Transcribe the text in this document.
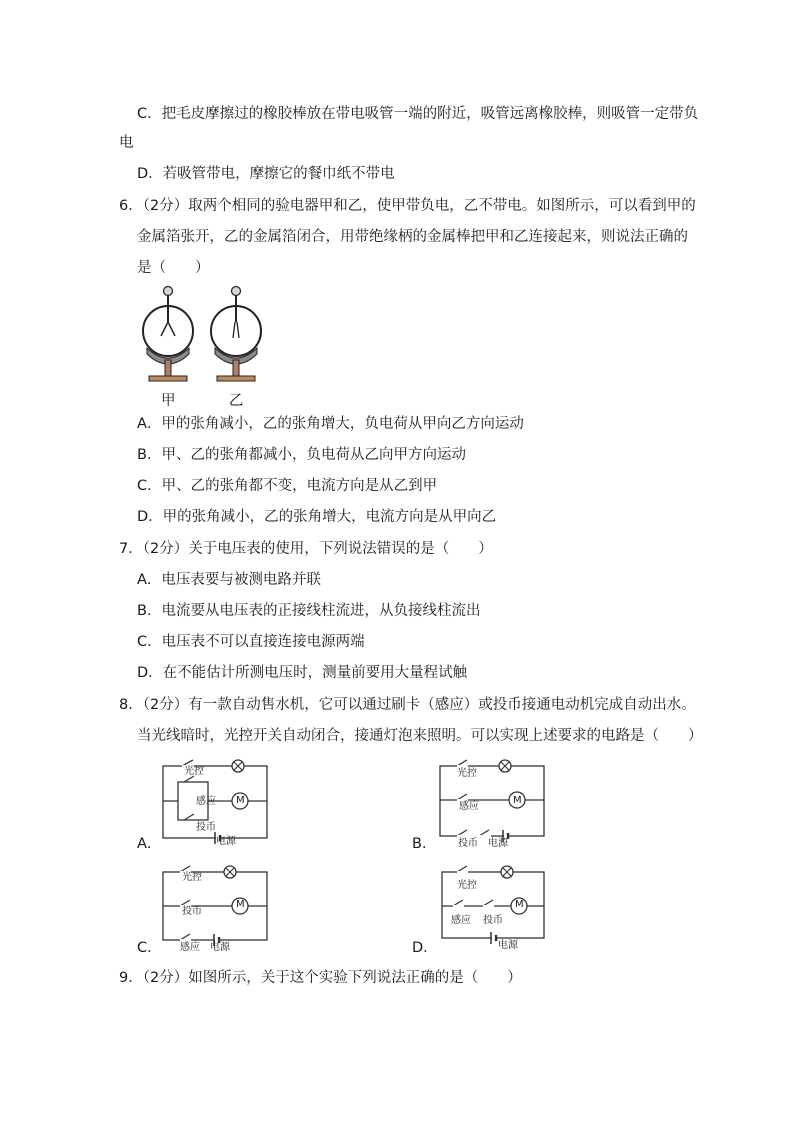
C．把毛皮摩擦过的橡胶棒放在带电吸管一端的附近，吸管远离橡胶棒，则吸管一定带负
电
D．若吸管带电，摩擦它的餐巾纸不带电
6．（2分）取两个相同的验电器甲和乙，使甲带负电，乙不带电。如图所示，可以看到甲的
金属箔张开，乙的金属箔闭合，用带绝缘柄的金属棒把甲和乙连接起来，则说法正确的
是（　　）
甲	乙
A．甲的张角减小，乙的张角增大，负电荷从甲向乙方向运动
B．甲、乙的张角都减小，负电荷从乙向甲方向运动
C．甲、乙的张角都不变，电流方向是从乙到甲
D．甲的张角减小，乙的张角增大，电流方向是从甲向乙
7．（2分）关于电压表的使用，下列说法错误的是（　　）
A．电压表要与被测电路并联
B．电流要从电压表的正接线柱流进，从负接线柱流出
C．电压表不可以直接连接电源两端
D．在不能估计所测电压时，测量前要用大量程试触
8．（2分）有一款自动售水机，它可以通过刷卡（感应）或投币接通电动机完成自动出水。
当光线暗时，光控开关自动闭合，接通灯泡来照明。可以实现上述要求的电路是（　　）
光控
感应
投币
M
电源
A．
光控
感应
M
投币 电源
B．
光控
投币
M
感应 电源
C．
光控
感应 投币
M
电源
D．
9．（2分）如图所示，关于这个实验下列说法正确的是（　　）
